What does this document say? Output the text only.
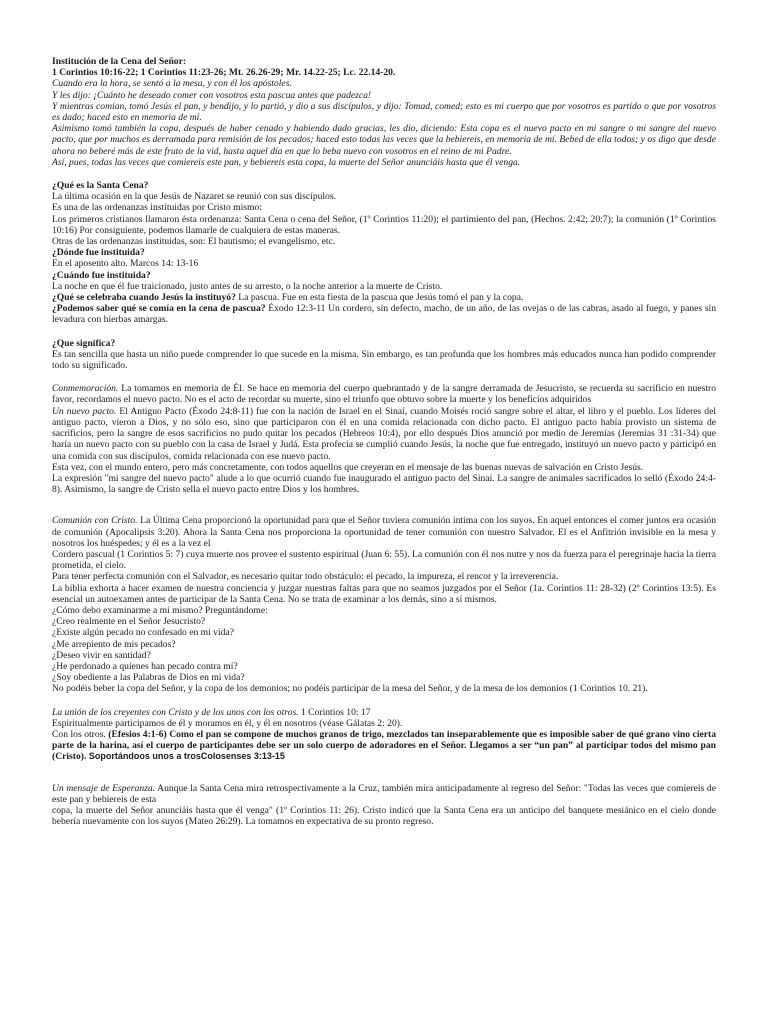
Institución de la Cena del Señor:

1 Corintios 10:16-22; 1 Corintios 11:23-26; Mt. 26.26-29; Mr. 14.22-25; Lc. 22.14-20.

Cuando era la hora, se sentó a la mesa, y con él los apóstoles.

Y les dijo: ¡Cuánto he deseado comer con vosotros esta pascua antes que padezca!

Y mientras comían, tomó Jesús el pan, y bendijo, y lo partió, y dio a sus discípulos, y dijo: Tomad, comed; esto es mi cuerpo que por vosotros es partido o que por vosotros es dado; haced esto en memoria de mí.

Asimismo tomó también la copa, después de haber cenado y habiendo dado gracias, les dio, diciendo: Esta copa es el nuevo pacto en mi sangre o mi sangre del nuevo pacto, que por muchos es derramada para remisión de los pecados; haced esto todas las veces que la bebiereis, en memoria de mí. Bebed de ella todos; y os digo que desde ahora no beberé más de este fruto de la vid, hasta aquel día en que lo beba nuevo con vosotros en el reino de mi Padre.

Así, pues, todas las veces que comiereis este pan, y bebiereis esta copa, la muerte del Señor anunciáis hasta que él venga.

¿Qué es la Santa Cena?

La última ocasión en la que Jesús de Nazaret se reunió con sus discípulos.

Es una de las ordenanzas instituidas por Cristo mismo:

Los primeros cristianos llamaron ésta ordenanza: Santa Cena o cena del Señor, (1º Corintios 11:20); el partimiento del pan, (Hechos. 2:42; 20:7); la comunión (1º Corintios 10:16) Por consiguiente, podemos llamarle de cualquiera de estas maneras.

Otras de las ordenanzas instituidas, son: El bautismo; el evangelismo, etc.

¿Dónde fue instituida?

En el aposento alto. Marcos 14: 13-16

¿Cuándo fue instituida?

La noche en que él fue traicionado, justo antes de su arresto, o la noche anterior a la muerte de Cristo.

¿Qué se celebraba cuando Jesús la instituyó? La pascua. Fue en esta fiesta de la pascua que Jesús tomó el pan y la copa.

¿Podemos saber qué se comía en la cena de pascua? Éxodo 12:3-11 Un cordero, sin defecto, macho, de un año, de las ovejas o de las cabras, asado al fuego, y panes sin levadura con hierbas amargas.

¿Que significa?

Es tan sencilla que hasta un niño puede comprender lo que sucede en la misma. Sin embargo, es tan profunda que los hombres más educados nunca han podido comprender todo su significado.

Conmemoración. La tomamos en memoria de Él. Se hace en memoria del cuerpo quebrantado y de la sangre derramada de Jesucristo, se recuerda su sacrificio en nuestro favor, recordamos el nuevo pacto. No es el acto de recordar su muerte, sino el triunfo que obtuvo sobre la muerte y los beneficios adquiridos

Un nuevo pacto. El Antiguo Pacto (Éxodo 24:8-11) fue con la nación de Israel en el Sinaí, cuando Moisés roció sangre sobre el altar, el libro y el pueblo. Los líderes del antiguo pacto, vieron a Dios, y no sólo eso, sino que participaron con él en una comida relacionada con dicho pacto. El antiguo pacto había provisto un sistema de sacrificios, pero la sangre de esos sacrificios no pudo quitar los pecados (Hebreos 10:4), por ello después Dios anunció por medio de Jeremías (Jeremías 31 :31-34) que haría un nuevo pacto con su pueblo con la casa de Israel y Judá. Esta profecía se cumplió cuando Jesús, la noche que fue entregado, instituyó un nuevo pacto y participó en una comida con sus discípulos, comida relacionada con ese nuevo pacto.

Esta vez, con el mundo entero, pero más concretamente, con todos aquellos que creyeran en el mensaje de las buenas nuevas de salvación en Cristo Jesús.

La expresión "mi sangre del nuevo pacto" alude a lo que ocurrió cuando fue inaugurado el antiguo pacto del Sinaí. La sangre de animales sacrificados lo selló (Éxodo 24:4-8). Asimismo, la sangre de Cristo sella el nuevo pacto entre Dios y los hombres.

Comunión con Cristo. La Última Cena proporcionó la oportunidad para que el Señor tuviera comunión íntima con los suyos. En aquel entonces el comer juntos era ocasión de comunión (Apocalipsis 3:20). Ahora la Santa Cena nos proporciona la oportunidad de tener comunión con nuestro Salvador. El es el Anfitrión invisible en la mesa y nosotros los huéspedes; y él es a la vez el

Cordero pascual (1 Corintios 5: 7) cuya muerte nos provee el sustento espiritual (Juan 6: 55). La comunión con él nos nutre y nos da fuerza para el peregrinaje hacia la tierra prometida, el cielo.

Para tener perfecta comunión con el Salvador, es necesario quitar todo obstáculo: el pecado, la impureza, el rencor y la irreverencia.

La biblia exhorta a hacer examen de nuestra conciencia y juzgar nuestras faltas para que no seamos juzgados por el Señor (1a. Corintios 11: 28-32) (2º Corintios 13:5). Es esencial un autoexamen antes de participar de la Santa Cena. No se trata de examinar a los demás, sino a sí mismos.

¿Cómo debo examinarme a mí mismo? Preguntándome:

¿Creo realmente en el Señor Jesucristo?

¿Existe algún pecado no confesado en mi vida?

¿Me arrepiento de mis pecados?

¿Deseo vivir en santidad?

¿He perdonado a quienes han pecado contra mí?

¿Soy obediente a las Palabras de Dios en mi vida?

No podéis beber la copa del Señor, y la copa de los demonios; no podéis participar de la mesa del Señor, y de la mesa de los demonios (1 Corintios 10. 21).

La unión de los creyentes con Cristo y de los unos con los otros. 1 Corintios 10: 17

Espiritualmente participamos de él y moramos en él, y él en nosotros (véase Gálatas 2: 20).

Con los otros. (Efesios 4:1-6) Como el pan se compone de muchos granos de trigo, mezclados tan inseparablemente que es imposible saber de qué grano vino cierta parte de la harina, así el cuerpo de participantes debe ser un solo cuerpo de adoradores en el Señor. Llegamos a ser “un pan” al participar todos del mismo pan (Cristo). Soportándoos unos a trosColosenses 3:13-15

Un mensaje de Esperanza. Aunque la Santa Cena mira retrospectivamente a la Cruz, también mira anticipadamente al regreso del Señor: "Todas las veces que comiereis de este pan y bebiereis de esta

copa, la muerte del Señor anunciáis hasta que él venga" (1º Corintios 11: 26). Cristo indicó que la Santa Cena era un anticipo del banquete mesiánico en el cielo donde bebería nuevamente con los suyos (Mateo 26:29). La tomamos en expectativa de su pronto regreso.
